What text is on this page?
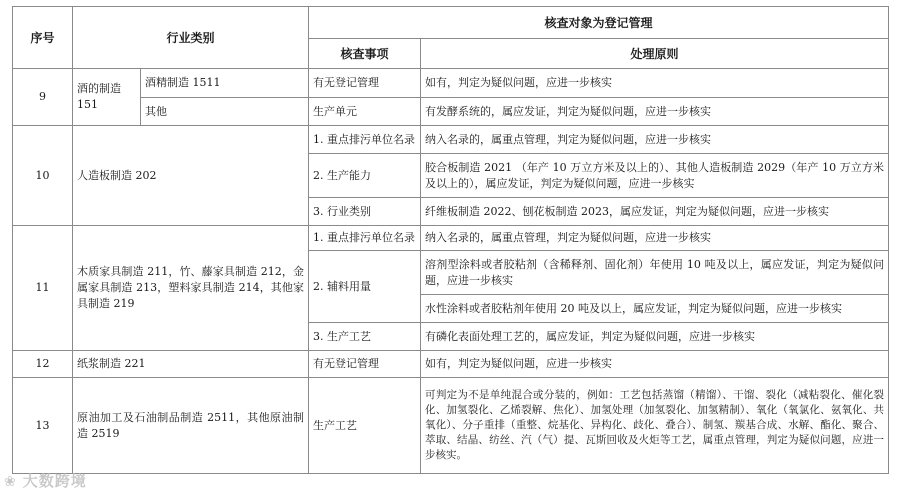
序号	行业类别		核查对象为登记管理	
			核查事项	处理原则
9	酒的制造 151	酒精制造 1511	有无登记管理	如有，判定为疑似问题，应进一步核实
		其他	生产单元	有发酵系统的，属应发证，判定为疑似问题，应进一步核实
10	人造板制造 202		1. 重点排污单位名录	纳入名录的，属重点管理，判定为疑似问题，应进一步核实
			2. 生产能力	胶合板制造 2021 （年产 10 万立方米及以上的）、其他人造板制造 2029（年产 10 万立方米及以上的），属应发证，判定为疑似问题，应进一步核实
			3. 行业类别	纤维板制造 2022、刨花板制造 2023，属应发证，判定为疑似问题，应进一步核实
11	木质家具制造 211，竹、藤家具制造 212，金属家具制造 213，塑料家具制造 214，其他家具制造 219		1. 重点排污单位名录	纳入名录的，属重点管理，判定为疑似问题，应进一步核实
			2. 辅料用量	溶剂型涂料或者胶粘剂（含稀释剂、固化剂）年使用 10 吨及以上，属应发证，判定为疑似问题，应进一步核实
				水性涂料或者胶粘剂年使用 20 吨及以上，属应发证，判定为疑似问题，应进一步核实
			3. 生产工艺	有磷化表面处理工艺的，属应发证，判定为疑似问题，应进一步核实
12	纸浆制造 221		有无登记管理	如有，判定为疑似问题，应进一步核实
13	原油加工及石油制品制造 2511，其他原油制造 2519		生产工艺	可判定为不是单纯混合或分装的，例如：工艺包括蒸馏（精馏）、干馏、裂化（减粘裂化、催化裂化、加氢裂化、乙烯裂解、焦化）、加氢处理（加氢裂化、加氢精制）、氧化（氧氯化、氨氧化、共氧化）、分子重排（重整、烷基化、异构化、歧化、叠合）、制氢、羰基合成、水解、酯化、聚合、萃取、结晶、纺丝、汽（气）提、瓦斯回收及火炬等工艺，属重点管理，判定为疑似问题，应进一步核实。
❀ 大数跨境
